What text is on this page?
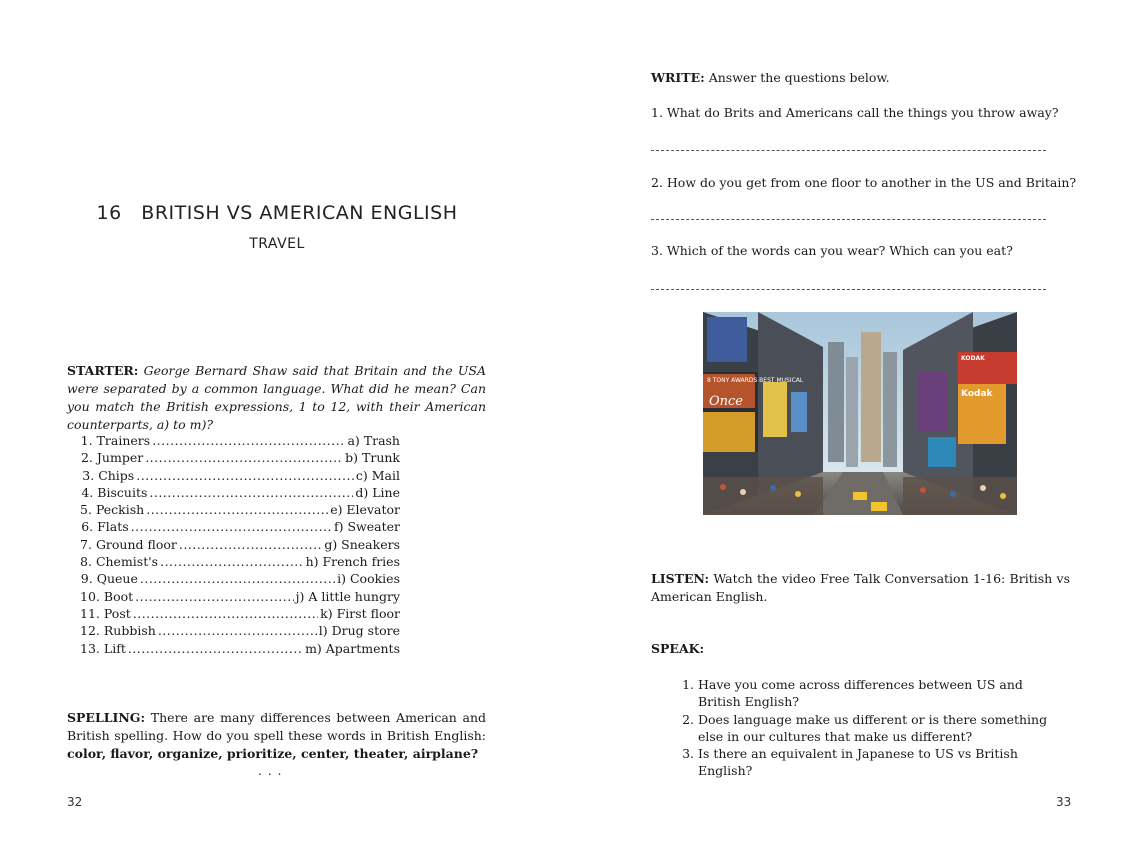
16   BRITISH VS AMERICAN ENGLISH
TRAVEL
STARTER: George Bernard Shaw said that Britain and the USA were separated by a common language. What did he mean? Can you match the British expressions, 1 to 12, with their American counterparts, a) to m)?
1. Trainers .....	a) Trash
2. Jumper .....	b) Trunk
3. Chips .....	c) Mail
4. Biscuits .....	d) Line
5. Peckish .....	e) Elevator
6. Flats .....	f) Sweater
7. Ground floor .....	g) Sneakers
8. Chemist's .....	h) French fries
9. Queue .....	i) Cookies
10. Boot .....	j) A little hungry
11. Post .....	k) First floor
12. Rubbish .....	l) Drug store
13. Lift .....	m) Apartments
SPELLING: There are many differences between American and British spelling. How do you spell these words in British English: color, flavor, organize, prioritize, center, theater, airplane?
...
32
WRITE: Answer the questions below.
1. What do Brits and Americans call the things you throw away?
2. How do you get from one floor to another in the US and Britain?
3. Which of the words can you wear? Which can you eat?
8 TONY AWARDS BEST MUSICAL
Once
KODAK
Kodak
LISTEN: Watch the video Free Talk Conversation 1-16: British vs American English.
SPEAK:
1. Have you come across differences between US and British English?
2. Does language make us different or is there something else in our cultures that make us different?
3. Is there an equivalent in Japanese to US vs British English?
33
